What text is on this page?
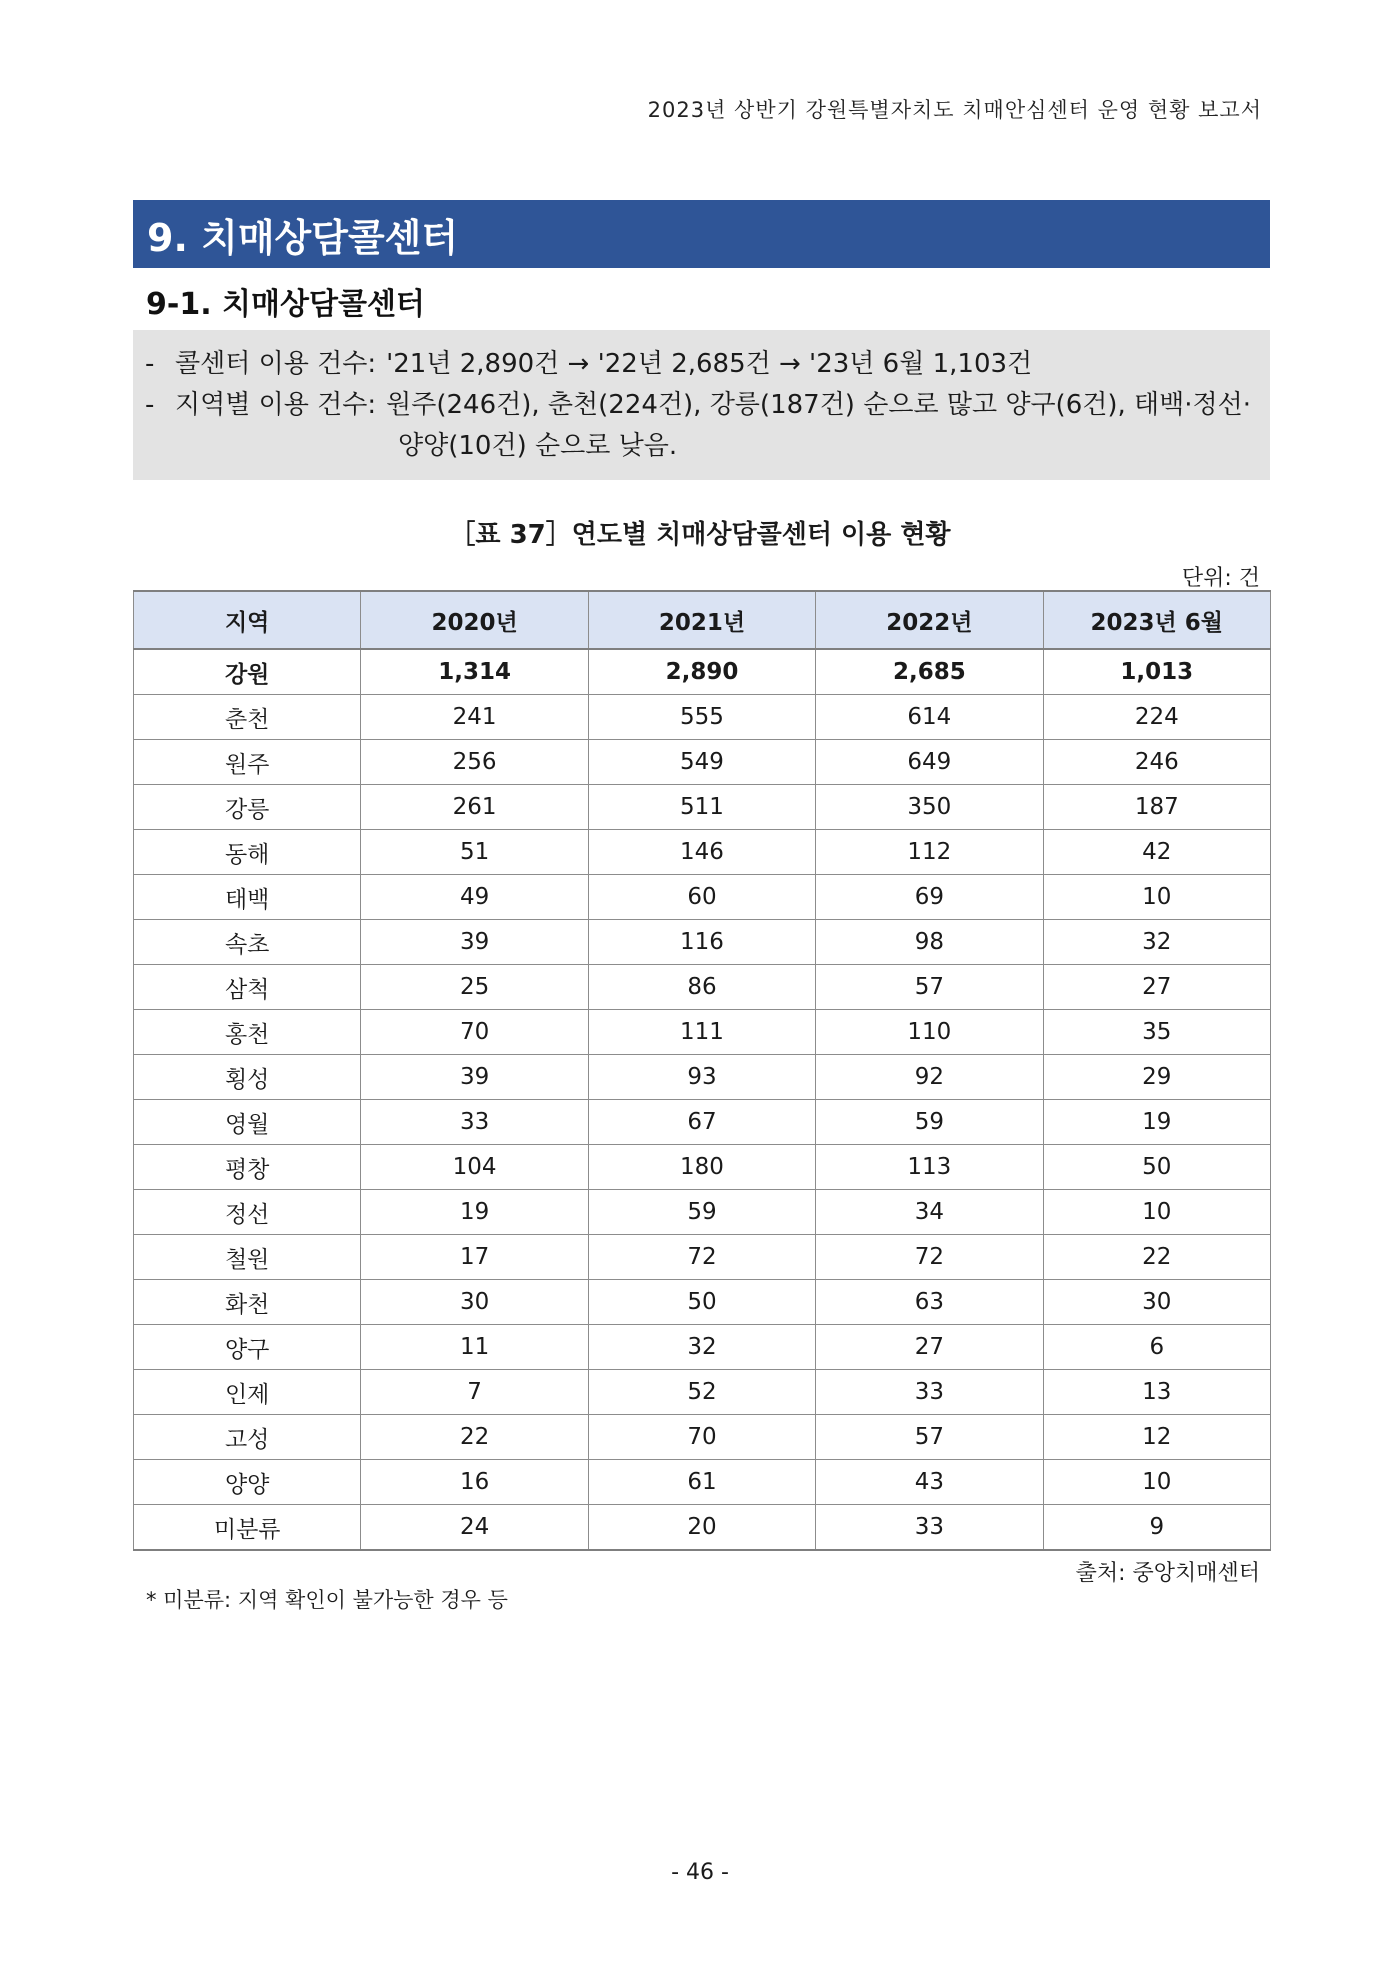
2023년 상반기 강원특별자치도 치매안심센터 운영 현황 보고서
9. 치매상담콜센터
9-1. 치매상담콜센터
- 콜센터 이용 건수: '21년 2,890건 → '22년 2,685건 → '23년 6월 1,103건
- 지역별 이용 건수: 원주(246건), 춘천(224건), 강릉(187건) 순으로 많고 양구(6건), 태백·정선·
양양(10건) 순으로 낮음.
［표 37］연도별 치매상담콜센터 이용 현황
단위: 건
지역	2020년	2021년	2022년	2023년 6월
강원	1,314	2,890	2,685	1,013
춘천	241	555	614	224
원주	256	549	649	246
강릉	261	511	350	187
동해	51	146	112	42
태백	49	60	69	10
속초	39	116	98	32
삼척	25	86	57	27
홍천	70	111	110	35
횡성	39	93	92	29
영월	33	67	59	19
평창	104	180	113	50
정선	19	59	34	10
철원	17	72	72	22
화천	30	50	63	30
양구	11	32	27	6
인제	7	52	33	13
고성	22	70	57	12
양양	16	61	43	10
미분류	24	20	33	9
출처: 중앙치매센터
* 미분류: 지역 확인이 불가능한 경우 등
- 46 -
